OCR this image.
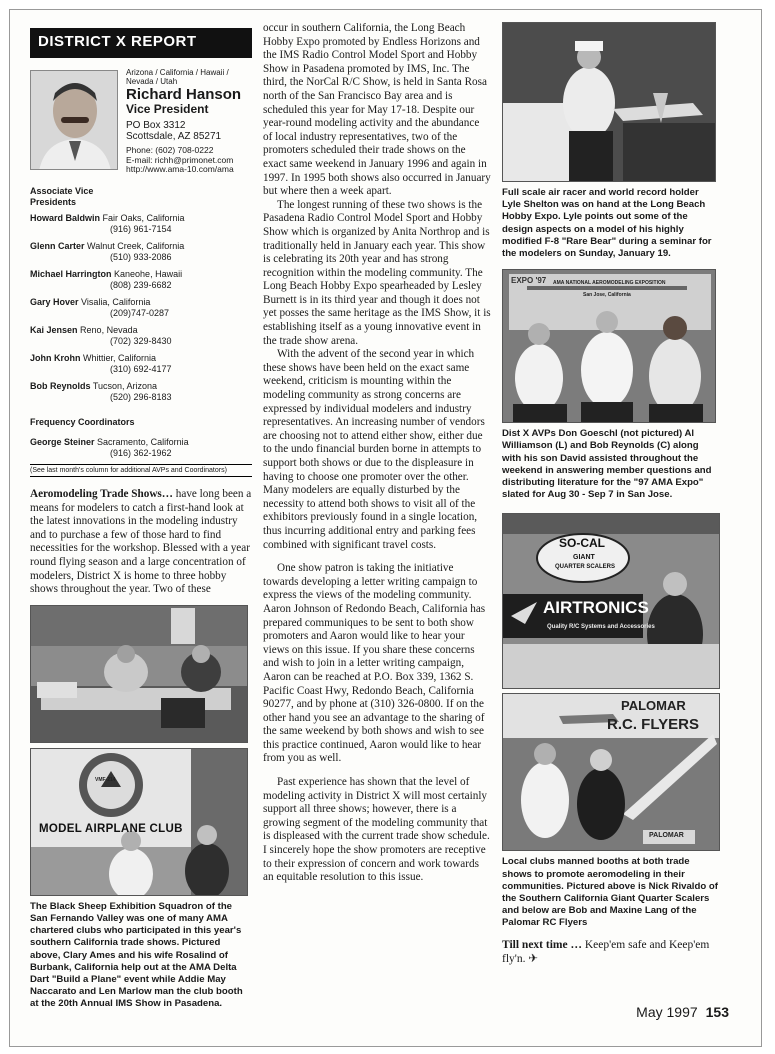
DISTRICT X REPORT
Arizona / California / Hawaii / Nevada / Utah
Richard Hanson
Vice President
PO Box 3312
Scottsdale, AZ 85271
Phone: (602) 708-0222
E-mail: richh@primonet.com
http://www.ama-10.com/ama
Associate Vice Presidents
Howard Baldwin Fair Oaks, California
(916) 961-7154
Glenn Carter Walnut Creek, California
(510) 933-2086
Michael Harrington Kaneohe, Hawaii
(808) 239-6682
Gary Hover Visalia, California
(209)747-0287
Kai Jensen Reno, Nevada
(702) 329-8430
John Krohn Whittier, California
(310) 692-4177
Bob Reynolds Tucson, Arizona
(520) 296-8183
Frequency Coordinators
George Steiner Sacramento, California
(916) 362-1962
(See last month's column for additional AVPs and Coordinators)

Aeromodeling Trade Shows… have long been a means for modelers to catch a first-hand look at the latest innovations in the modeling industry and to purchase a few of those hard to find necessities for the workshop. Blessed with a year round flying season and a large concentration of modelers, District X is home to three hobby shows throughout the year. Two of these

VMF-214
MODEL AIRPLANE CLUB
The Black Sheep Exhibition Squadron of the San Fernando Valley was one of many AMA chartered clubs who participated in this year's southern California trade shows. Pictured above, Clary Ames and his wife Rosalind of Burbank, California help out at the AMA Delta Dart "Build a Plane" event while Addie May Naccarato and Len Marlow man the club booth at the 20th Annual IMS Show in Pasadena.

occur in southern California, the Long Beach Hobby Expo promoted by Endless Horizons and the IMS Radio Control Model Sport and Hobby Show in Pasadena promoted by IMS, Inc. The third, the NorCal R/C Show, is held in Santa Rosa north of the San Francisco Bay area and is scheduled this year for May 17-18. Despite our year-round modeling activity and the abundance of local industry representatives, two of the promoters scheduled their trade shows on the exact same weekend in January 1996 and again in 1997. In 1995 both shows also occurred in January but where then a week apart.

The longest running of these two shows is the Pasadena Radio Control Model Sport and Hobby Show which is organized by Anita Northrop and is traditionally held in January each year. This show is celebrating its 20th year and has strong recognition within the modeling community. The Long Beach Hobby Expo spearheaded by Lesley Burnett is in its third year and though it does not yet posses the same heritage as the IMS Show, it is establishing itself as a young innovative event in the trade show arena.

With the advent of the second year in which these shows have been held on the exact same weekend, criticism is mounting within the modeling community as strong concerns are expressed by individual modelers and industry representatives. An increasing number of vendors are choosing not to attend either show, either due to the undo financial burden borne in attempts to support both shows or due to the displeasure in having to choose one promoter over the other. Many modelers are equally disturbed by the necessity to attend both shows to visit all of the exhibitors previously found in a single location, thus incurring additional entry and parking fees combined with significant travel costs.

One show patron is taking the initiative towards developing a letter writing campaign to express the views of the modeling community. Aaron Johnson of Redondo Beach, California has prepared communiques to be sent to both show promoters and Aaron would like to hear your views on this issue. If you share these concerns and wish to join in a letter writing campaign, Aaron can be reached at P.O. Box 339, 1362 S. Pacific Coast Hwy, Redondo Beach, California 90277, and by phone at (310) 326-0800. If on the other hand you see an advantage to the sharing of the same weekend by both shows and wish to see this practice continued, Aaron would like to hear from you as well.

Past experience has shown that the level of modeling activity in District X will most certainly support all three shows; however, there is a growing segment of the modeling community that is displeased with the current trade show schedule. I sincerely hope the show promoters are receptive to their expression of concern and work towards an equitable resolution to this issue.

Full scale air racer and world record holder Lyle Shelton was on hand at the Long Beach Hobby Expo. Lyle points out some of the design aspects on a model of his highly modified F-8 "Rare Bear" during a seminar for the modelers on Sunday, January 19.
EXPO '97 AMA NATIONAL AEROMODELING EXPOSITION
San Jose, California
Dist X AVPs Don Goeschl (not pictured) Al Williamson (L) and Bob Reynolds (C) along with his son David assisted throughout the weekend in answering member questions and distributing literature for the "97 AMA Expo" slated for Aug 30 - Sep 7 in San Jose.
SO-CAL
GIANT
QUARTER SCALERS
AIRTRONICS
Quality R/C Systems and Accessories
PALOMAR
R.C. FLYERS
PALOMAR
Local clubs manned booths at both trade shows to promote aeromodeling in their communities. Pictured above is Nick Rivaldo of the Southern California Giant Quarter Scalers and below are Bob and Maxine Lang of the Palomar RC Flyers
Till next time … Keep'em safe and Keep'em fly'n. ✈
May 1997 153
